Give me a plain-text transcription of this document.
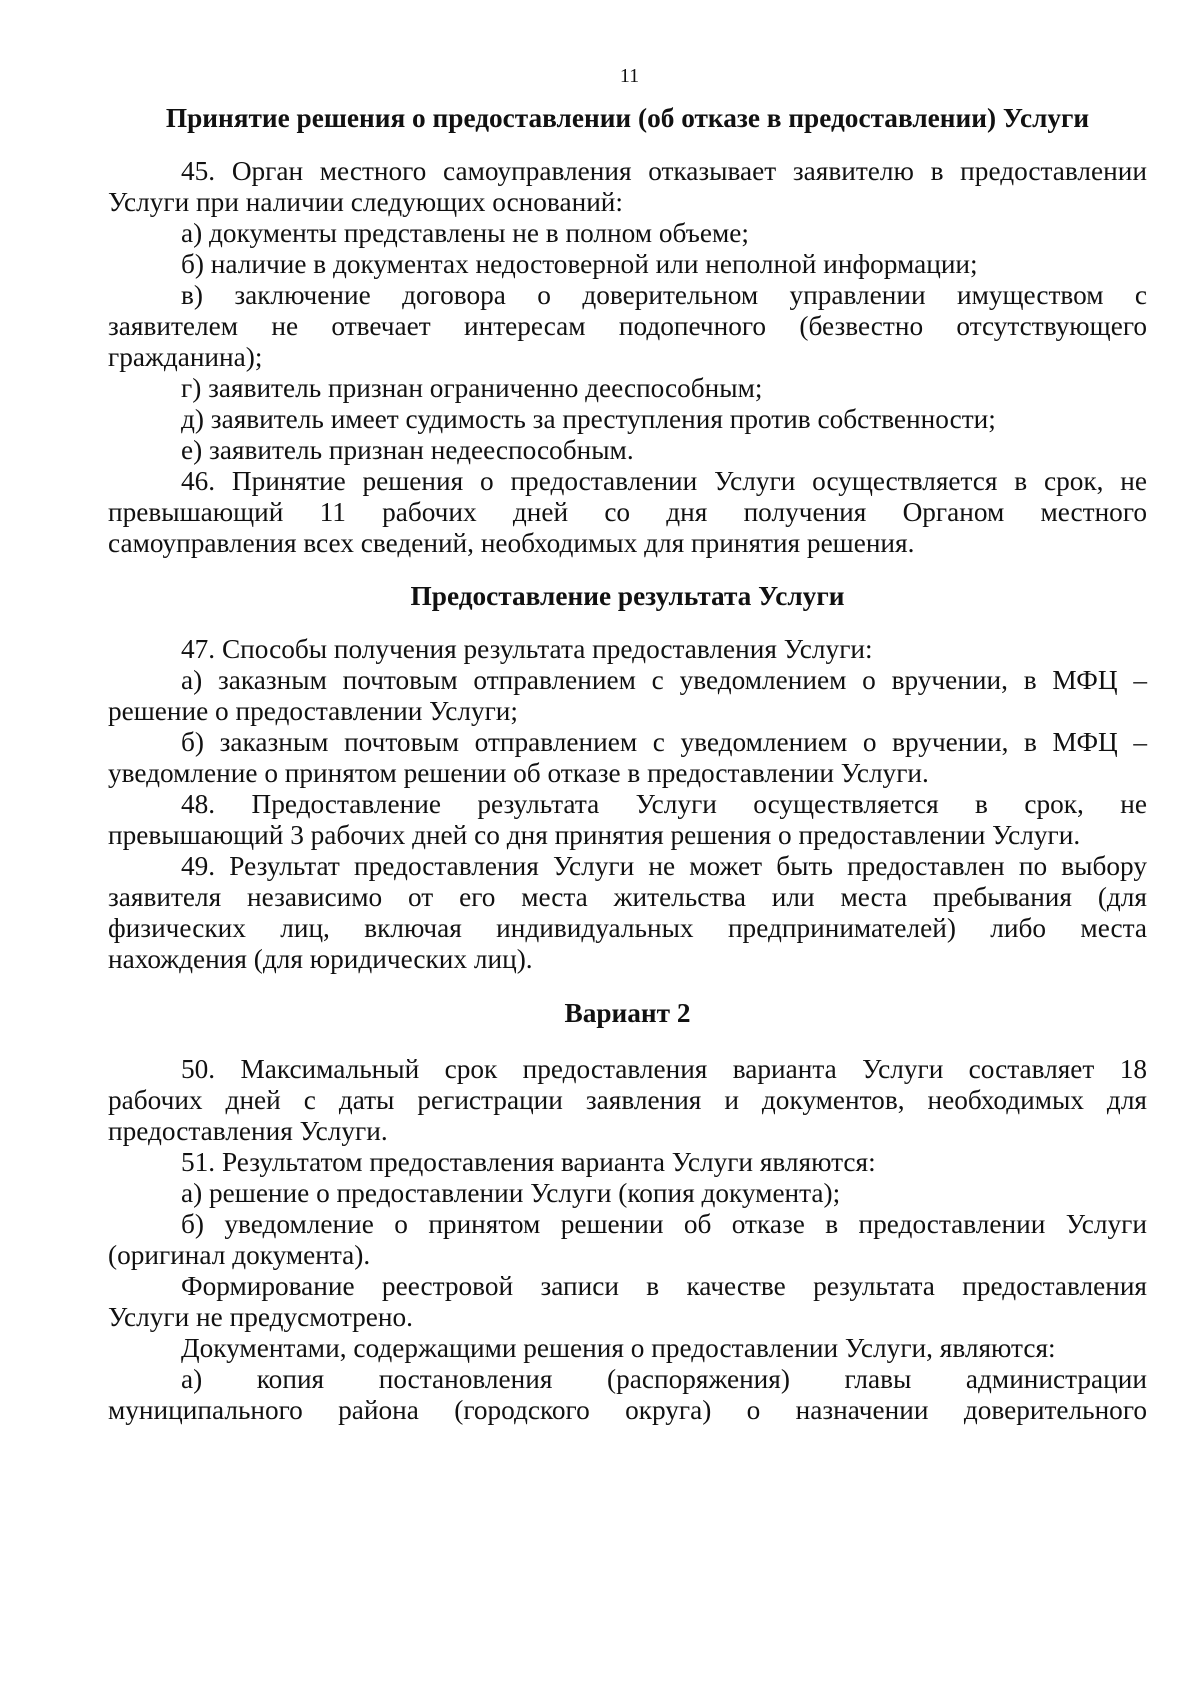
11
Принятие решения о предоставлении (об отказе в предоставлении) Услуги
45. Орган местного самоуправления отказывает заявителю в предоставлении
Услуги при наличии следующих оснований:
а) документы представлены не в полном объеме;
б) наличие в документах недостоверной или неполной информации;
в) заключение договора о доверительном управлении имуществом с
заявителем не отвечает интересам подопечного (безвестно отсутствующего
гражданина);
г) заявитель признан ограниченно дееспособным;
д) заявитель имеет судимость за преступления против собственности;
е) заявитель признан недееспособным.
46. Принятие решения о предоставлении Услуги осуществляется в срок, не
превышающий 11 рабочих дней со дня получения Органом местного
самоуправления всех сведений, необходимых для принятия решения.
Предоставление результата Услуги
47. Способы получения результата предоставления Услуги:
а) заказным почтовым отправлением с уведомлением о вручении, в МФЦ –
решение о предоставлении Услуги;
б) заказным почтовым отправлением с уведомлением о вручении, в МФЦ –
уведомление о принятом решении об отказе в предоставлении Услуги.
48. Предоставление результата Услуги осуществляется в срок, не
превышающий 3 рабочих дней со дня принятия решения о предоставлении Услуги.
49. Результат предоставления Услуги не может быть предоставлен по выбору
заявителя независимо от его места жительства или места пребывания (для
физических лиц, включая индивидуальных предпринимателей) либо места
нахождения (для юридических лиц).
Вариант 2
50. Максимальный срок предоставления варианта Услуги составляет 18
рабочих дней с даты регистрации заявления и документов, необходимых для
предоставления Услуги.
51. Результатом предоставления варианта Услуги являются:
а) решение о предоставлении Услуги (копия документа);
б) уведомление о принятом решении об отказе в предоставлении Услуги
(оригинал документа).
Формирование реестровой записи в качестве результата предоставления
Услуги не предусмотрено.
Документами, содержащими решения о предоставлении Услуги, являются:
а) копия постановления (распоряжения) главы администрации
муниципального района (городского округа) о назначении доверительного
